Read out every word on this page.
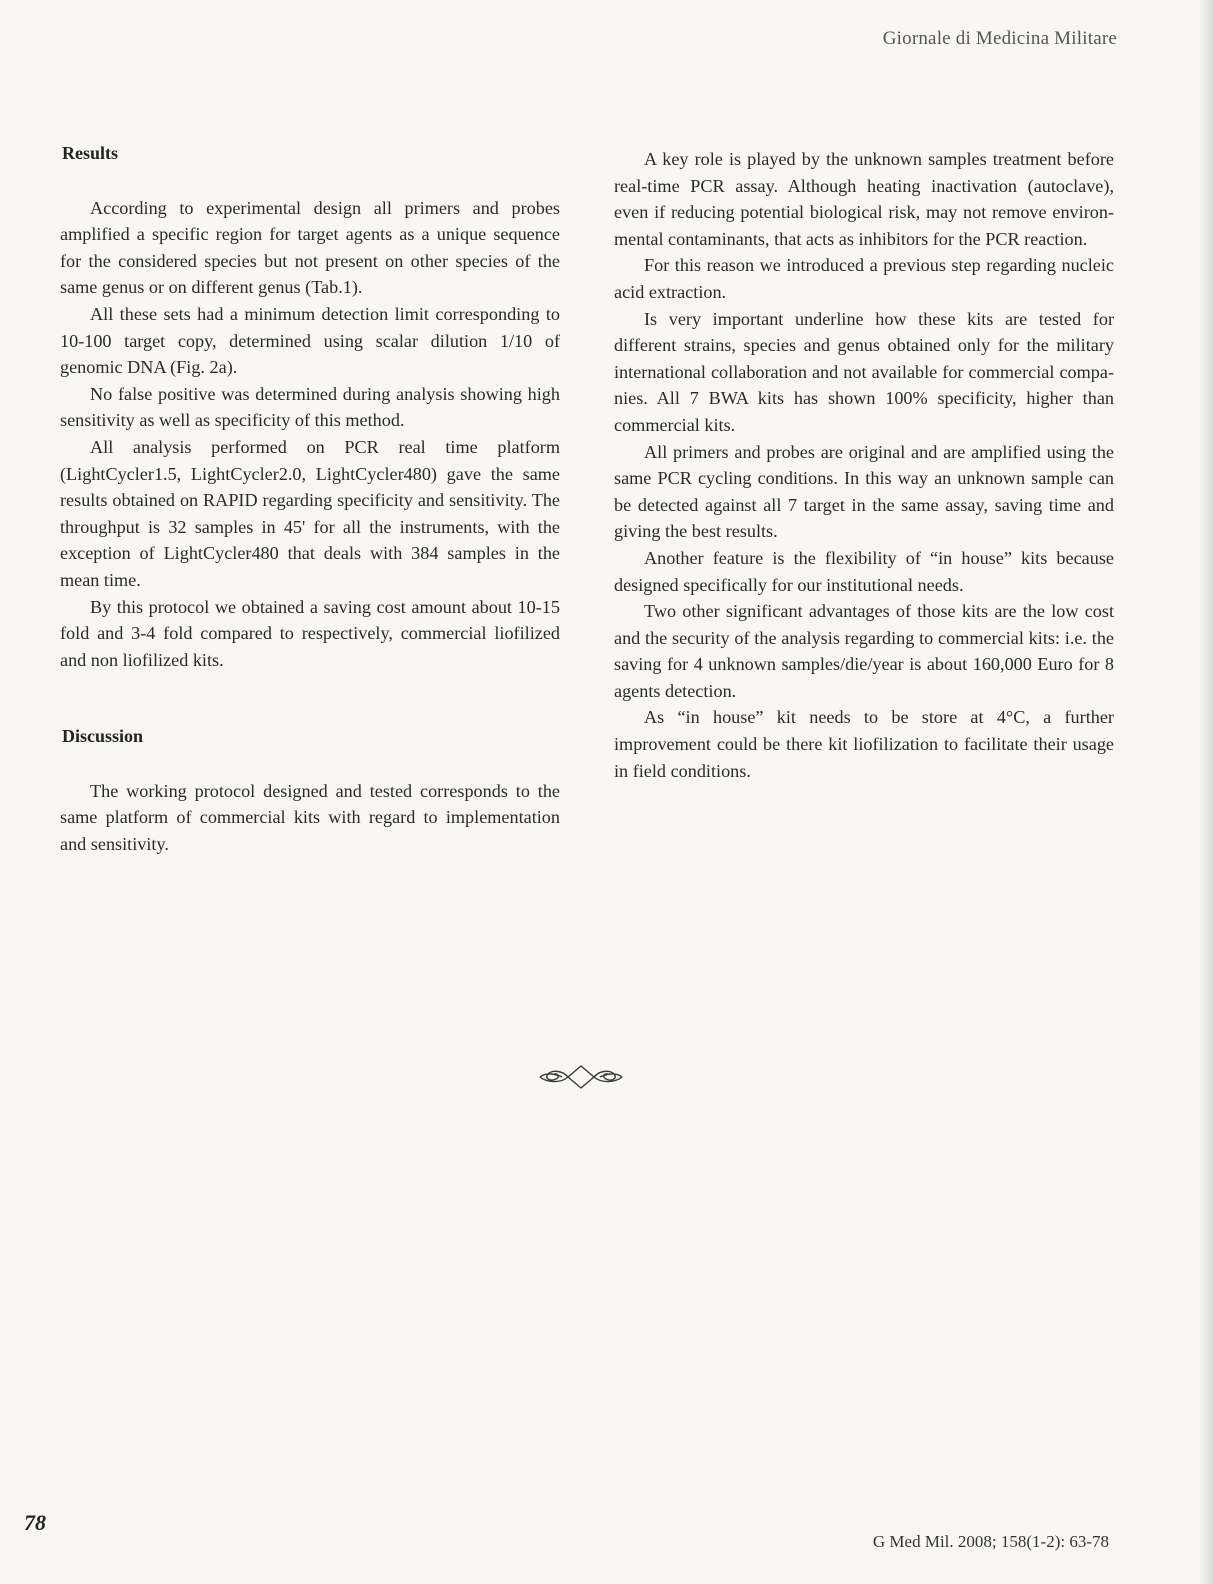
Giornale di Medicina Militare
Results

According to experimental design all primers and probes amplified a specific region for target agents as a unique sequence for the considered species but not present on other species of the same genus or on different genus (Tab.1).

All these sets had a minimum detection limit corresponding to 10-100 target copy, determined using scalar dilution 1/10 of genomic DNA (Fig. 2a).

No false positive was determined during analysis showing high sensitivity as well as specificity of this method.

All analysis performed on PCR real time platform (LightCycler1.5, LightCycler2.0, LightCycler480) gave the same results obtained on RAPID regarding specificity and sensitivity. The throughput is 32 samples in 45' for all the instruments, with the exception of LightCycler480 that deals with 384 samples in the mean time.

By this protocol we obtained a saving cost amount about 10-15 fold and 3-4 fold compared to respectively, commercial liofilized and non liofilized kits.

Discussion

The working protocol designed and tested corresponds to the same platform of commercial kits with regard to implementation and sensitivity.

A key role is played by the unknown samples treatment before real-time PCR assay. Although heating inactivation (autoclave), even if reducing potential biological risk, may not remove environmental contaminants, that acts as inhibitors for the PCR reaction.

For this reason we introduced a previous step regarding nucleic acid extraction.

Is very important underline how these kits are tested for different strains, species and genus obtained only for the military international collaboration and not available for commercial companies. All 7 BWA kits has shown 100% specificity, higher than commercial kits.

All primers and probes are original and are amplified using the same PCR cycling conditions. In this way an unknown sample can be detected against all 7 target in the same assay, saving time and giving the best results.

Another feature is the flexibility of “in house” kits because designed specifically for our institutional needs.

Two other significant advantages of those kits are the low cost and the security of the analysis regarding to commercial kits: i.e. the saving for 4 unknown samples/die/year is about 160,000 Euro for 8 agents detection.

As “in house” kit needs to be store at 4°C, a further improvement could be there kit liofilization to facilitate their usage in field conditions.

78
G Med Mil. 2008; 158(1-2): 63-78
